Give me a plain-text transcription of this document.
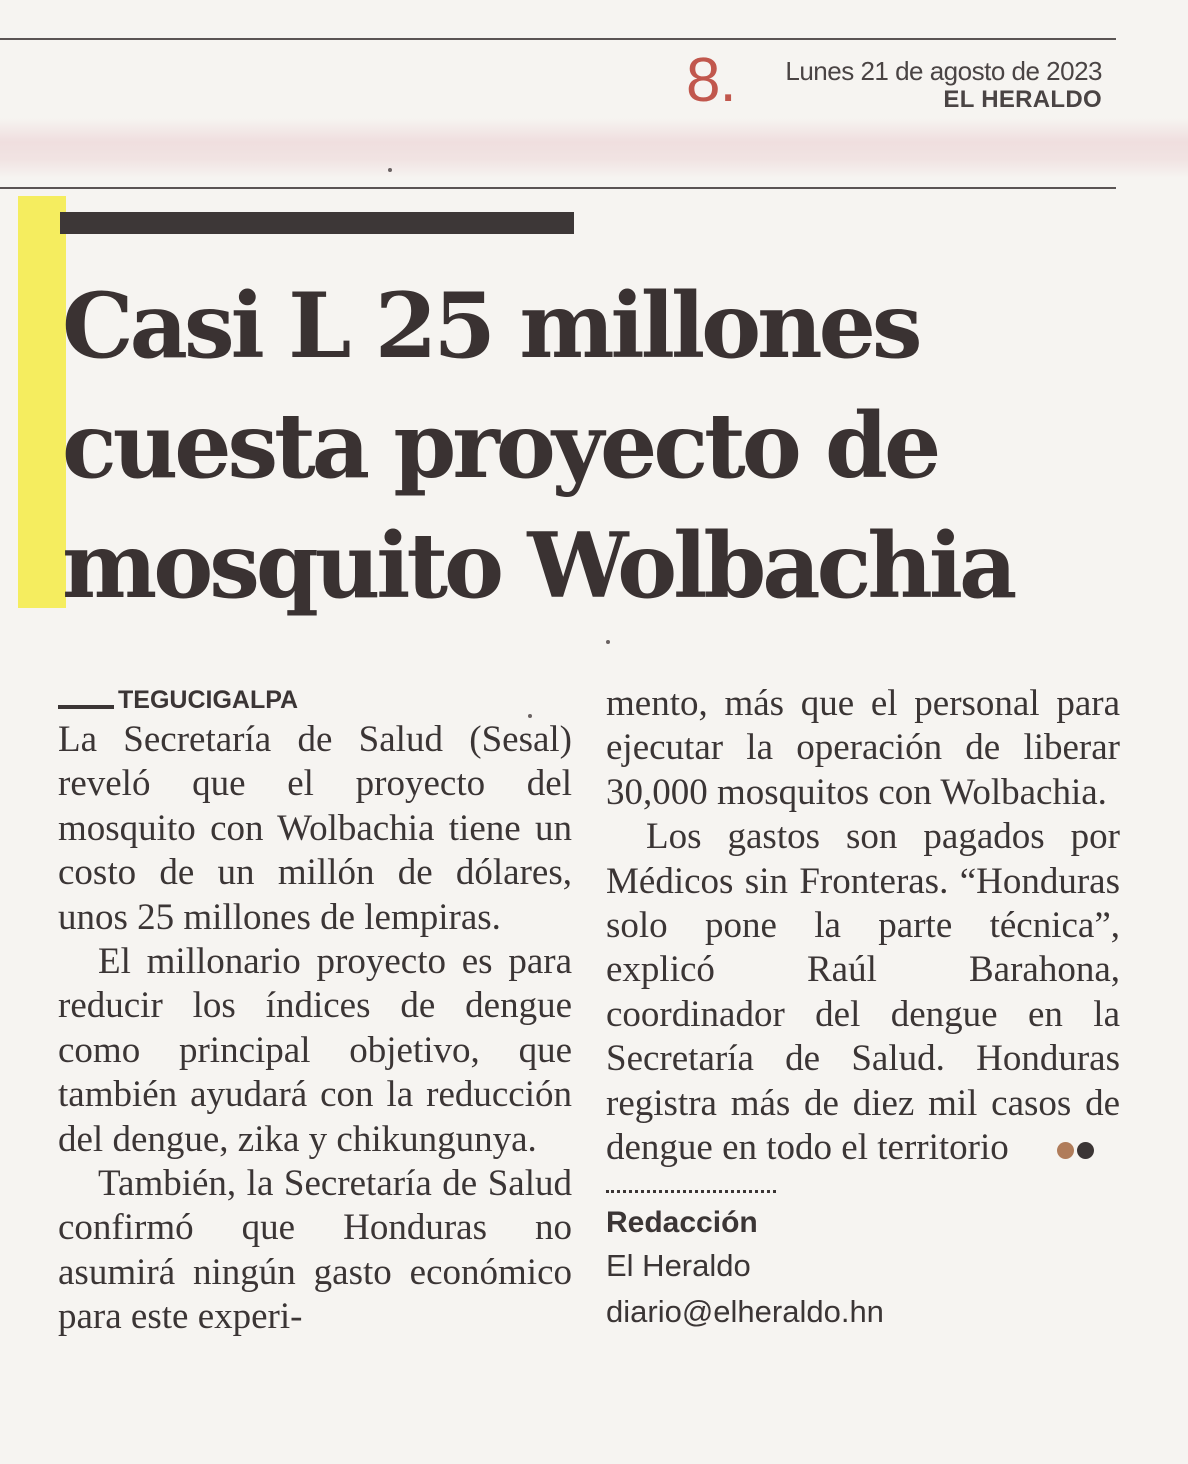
8. Lunes 21 de agosto de 2023
EL HERALDO
Casi L 25 millones
cuesta proyecto de
mosquito Wolbachia
TEGUCIGALPA

La Secretaría de Salud (Sesal) reveló que el proyecto del mosquito con Wolbachia tiene un costo de un millón de dólares, unos 25 millones de lempiras.

El millonario proyecto es para reducir los índices de dengue como principal objetivo, que también ayudará con la reducción del dengue, zika y chikungunya.

También, la Secretaría de Salud confirmó que Honduras no asumirá ningún gasto económico para este experi-

mento, más que el personal para ejecutar la operación de liberar 30,000 mosquitos con Wolbachia.

Los gastos son pagados por Médicos sin Fronteras. “Honduras solo pone la parte técnica”, explicó Raúl Barahona, coordinador del dengue en la Secretaría de Salud. Honduras registra más de diez mil casos de dengue en todo el territorio

Redacción
El Heraldo
diario@elheraldo.hn
